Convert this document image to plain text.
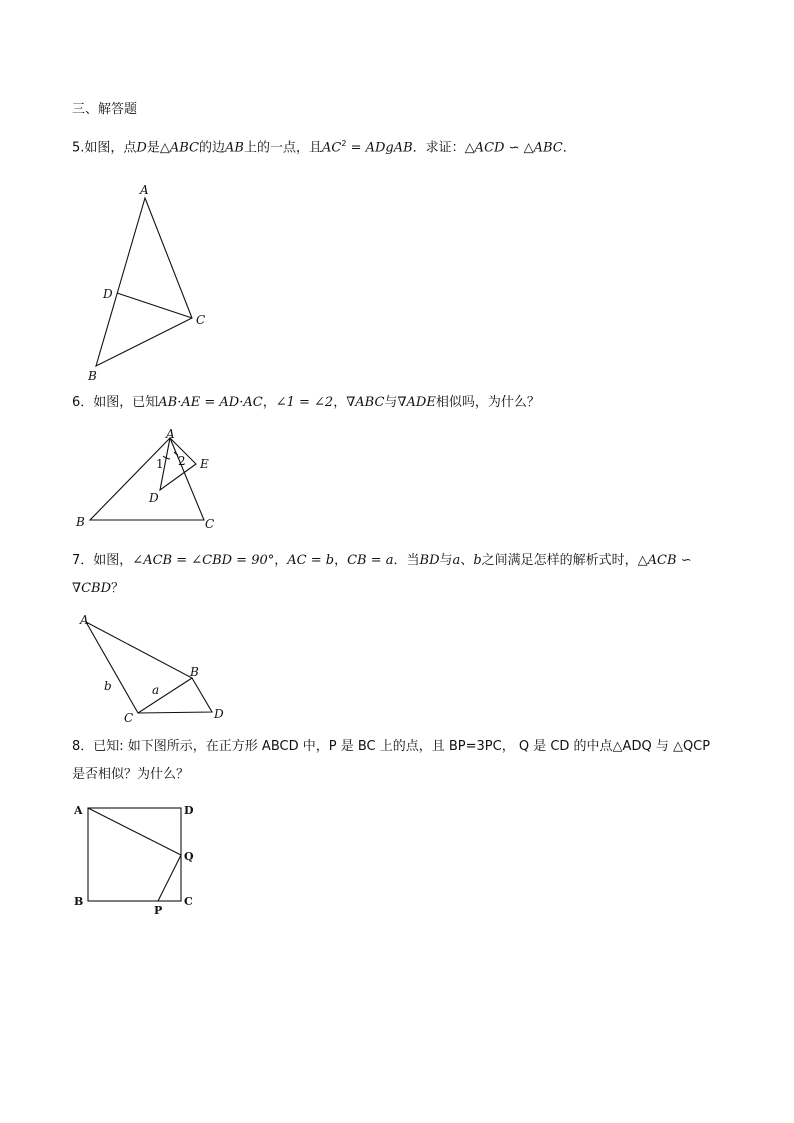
三、解答题
5.如图，点D是△ABC的边AB上的一点，且$AC^2$ = ADgAB．求证：△ACD ∽ △ABC．
A
D
C
B
6．如图，已知AB·AE = AD·AC，∠1 = ∠2，∇ABC与∇ADE相似吗，为什么？
A
1 2 E
D
B	C
7．如图，∠ACB = ∠CBD = 90°，AC = b，CB = a．当BD与a、b之间满足怎样的解析式时，△ACB ∽
∇CBD？
A
B
C	D
b	a
8．已知: 如下图所示，在正方形 ABCD 中，P 是 BC 上的点，且 BP=3PC， Q 是 CD 的中点△ADQ 与 △QCP
是否相似？为什么？
A	D
Q
B	C
P
